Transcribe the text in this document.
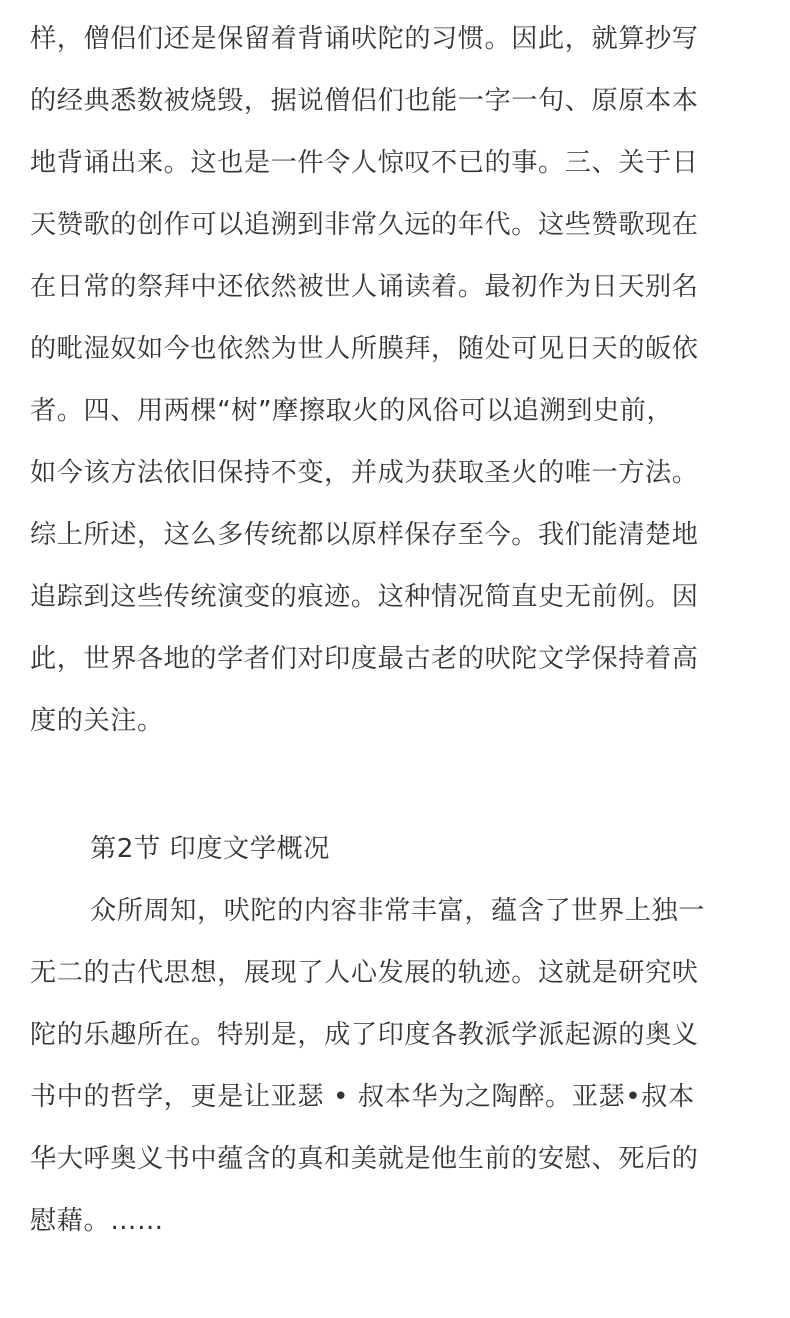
样，僧侣们还是保留着背诵吠陀的习惯。因此，就算抄写
的经典悉数被烧毁，据说僧侣们也能一字一句、原原本本
地背诵出来。这也是一件令人惊叹不已的事。三、关于日
天赞歌的创作可以追溯到非常久远的年代。这些赞歌现在
在日常的祭拜中还依然被世人诵读着。最初作为日天别名
的毗湿奴如今也依然为世人所膜拜，随处可见日天的皈依
者。四、用两棵“树”摩擦取火的风俗可以追溯到史前，
如今该方法依旧保持不变，并成为获取圣火的唯一方法。
综上所述，这么多传统都以原样保存至今。我们能清楚地
追踪到这些传统演变的痕迹。这种情况简直史无前例。因
此，世界各地的学者们对印度最古老的吠陀文学保持着高
度的关注。
第2节 印度文学概况
众所周知，吠陀的内容非常丰富，蕴含了世界上独一
无二的古代思想，展现了人心发展的轨迹。这就是研究吠
陀的乐趣所在。特别是，成了印度各教派学派起源的奥义
书中的哲学，更是让亚瑟 • 叔本华为之陶醉。亚瑟•叔本
华大呼奥义书中蕴含的真和美就是他生前的安慰、死后的
慰藉。……
